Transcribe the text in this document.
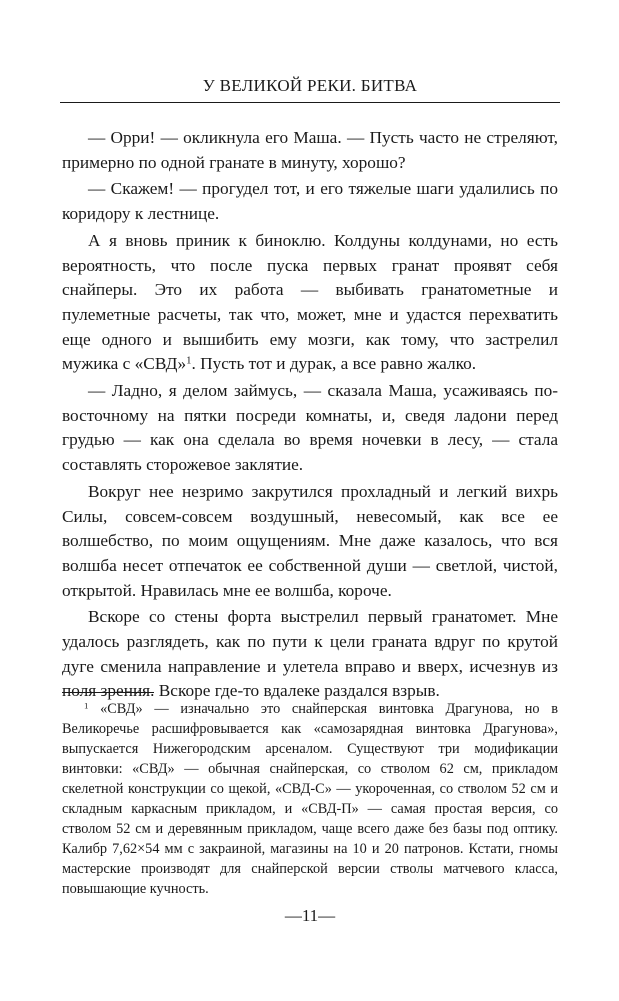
У ВЕЛИКОЙ РЕКИ. БИТВА

— Орри! — окликнула его Маша. — Пусть часто не стреляют, примерно по одной гранате в минуту, хорошо?

— Скажем! — прогудел тот, и его тяжелые шаги удалились по коридору к лестнице.

А я вновь приник к биноклю. Колдуны колдунами, но есть вероятность, что после пуска первых гранат проявят себя снайперы. Это их работа — выбивать гранатометные и пулеметные расчеты, так что, может, мне и удастся перехватить еще одного и вышибить ему мозги, как тому, что застрелил мужика с «СВД»$^1$. Пусть тот и дурак, а все равно жалко.

— Ладно, я делом займусь, — сказала Маша, усаживаясь по-восточному на пятки посреди комнаты, и, сведя ладони перед грудью — как она сделала во время ночевки в лесу, — стала составлять сторожевое заклятие.

Вокруг нее незримо закрутился прохладный и легкий вихрь Силы, совсем-совсем воздушный, невесомый, как все ее волшебство, по моим ощущениям. Мне даже казалось, что вся волшба несет отпечаток ее собственной души — светлой, чистой, открытой. Нравилась мне ее волшба, короче.

Вскоре со стены форта выстрелил первый гранатомет. Мне удалось разглядеть, как по пути к цели граната вдруг по крутой дуге сменила направление и улетела вправо и вверх, исчезнув из поля зрения. Вскоре где-то вдалеке раздался взрыв.

$^1$ «СВД» — изначально это снайперская винтовка Драгунова, но в Великоречье расшифровывается как «самозарядная винтовка Драгунова», выпускается Нижегородским арсеналом. Существуют три модификации винтовки: «СВД» — обычная снайперская, со стволом 62 см, прикладом скелетной конструкции со щекой, «СВД-С» — укороченная, со стволом 52 см и складным каркасным прикладом, и «СВД-П» — самая простая версия, со стволом 52 см и деревянным прикладом, чаще всего даже без базы под оптику. Калибр 7,62×54 мм с закраиной, магазины на 10 и 20 патронов. Кстати, гномы мастерские производят для снайперской версии стволы матчевого класса, повышающие кучность.

—11—
